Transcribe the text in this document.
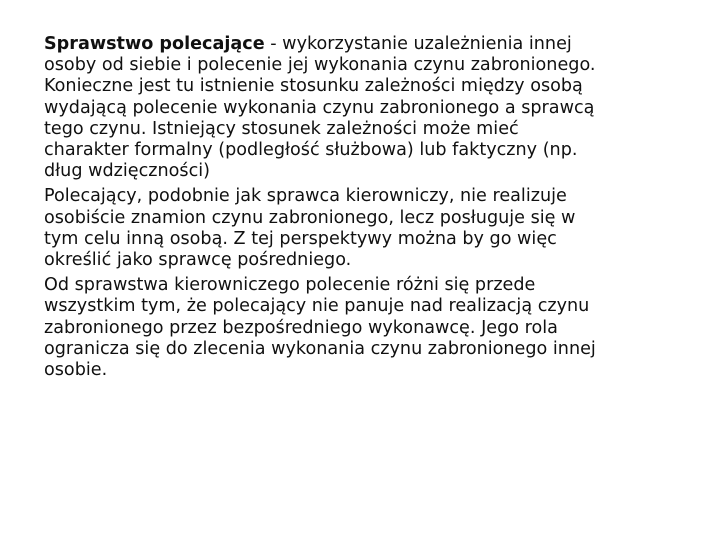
Sprawstwo polecające - wykorzystanie uzależnienia innej
osoby od siebie i polecenie jej wykonania czynu zabronionego.
Konieczne jest tu istnienie stosunku zależności między osobą
wydającą polecenie wykonania czynu zabronionego a sprawcą
tego czynu. Istniejący stosunek zależności może mieć
charakter formalny (podległość służbowa) lub faktyczny (np.
dług wdzięczności)

Polecający, podobnie jak sprawca kierowniczy, nie realizuje
osobiście znamion czynu zabronionego, lecz posługuje się w
tym celu inną osobą. Z tej perspektywy można by go więc
określić jako sprawcę pośredniego.

Od sprawstwa kierowniczego polecenie różni się przede
wszystkim tym, że polecający nie panuje nad realizacją czynu
zabronionego przez bezpośredniego wykonawcę. Jego rola
ogranicza się do zlecenia wykonania czynu zabronionego innej
osobie.
